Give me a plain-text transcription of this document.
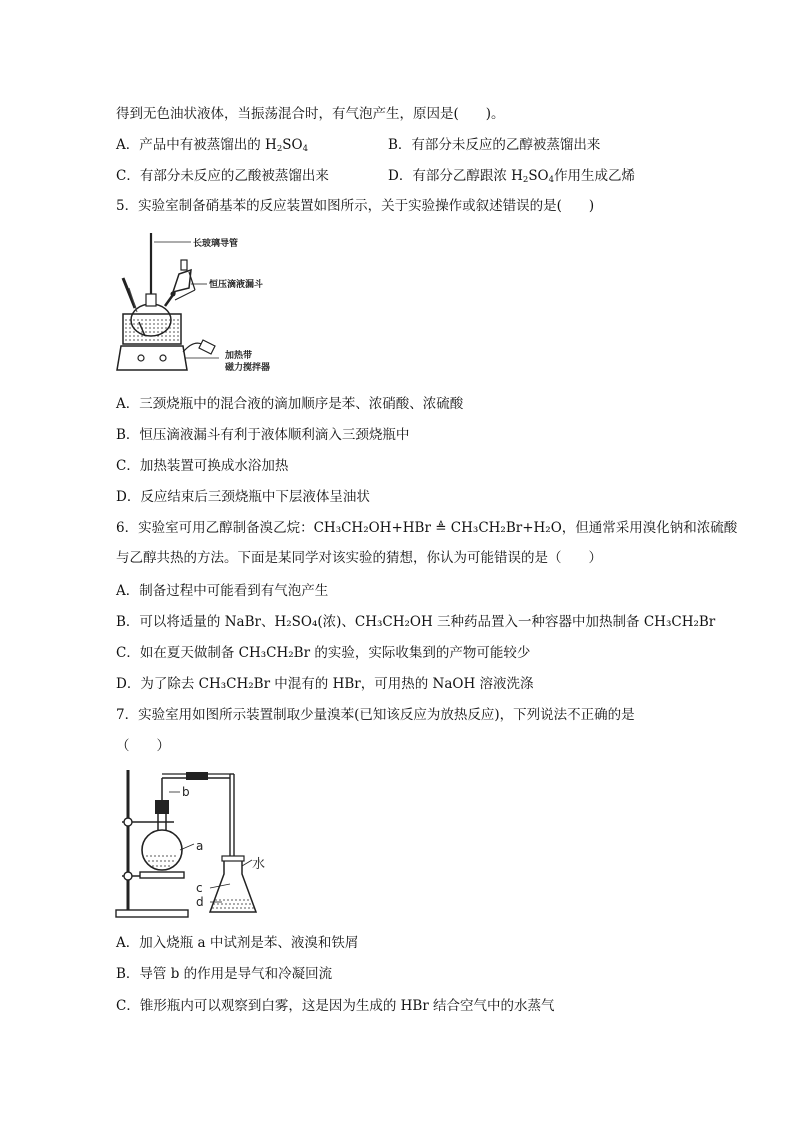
得到无色油状液体，当振荡混合时，有气泡产生，原因是(　　)。
A．产品中有被蒸馏出的 $H_2SO_4$	B．有部分未反应的乙醇被蒸馏出来
C．有部分未反应的乙酸被蒸馏出来	D．有部分乙醇跟浓 $H_2SO_4$作用生成乙烯
5．实验室制备硝基苯的反应装置如图所示，关于实验操作或叙述错误的是(　　)
长玻璃导管
恒压滴液漏斗
加热带
磁力搅拌器
A．三颈烧瓶中的混合液的滴加顺序是苯、浓硝酸、浓硫酸
B．恒压滴液漏斗有利于液体顺利滴入三颈烧瓶中
C．加热装置可换成水浴加热
D．反应结束后三颈烧瓶中下层液体呈油状
6．实验室可用乙醇制备溴乙烷：CH₃CH₂OH+HBr ≜ CH₃CH₂Br+H₂O，但通常采用溴化钠和浓硫酸
与乙醇共热的方法。下面是某同学对该实验的猜想，你认为可能错误的是（　　）
A．制备过程中可能看到有气泡产生
B．可以将适量的 NaBr、H₂SO₄(浓)、CH₃CH₂OH 三种药品置入一种容器中加热制备 CH₃CH₂Br
C．如在夏天做制备 CH₃CH₂Br 的实验，实际收集到的产物可能较少
D．为了除去 CH₃CH₂Br 中混有的 HBr，可用热的 NaOH 溶液洗涤
7．实验室用如图所示装置制取少量溴苯(已知该反应为放热反应)，下列说法不正确的是
（　　）
b
a
c
d
水
A．加入烧瓶 a 中试剂是苯、液溴和铁屑
B．导管 b 的作用是导气和冷凝回流
C．锥形瓶内可以观察到白雾，这是因为生成的 HBr 结合空气中的水蒸气
